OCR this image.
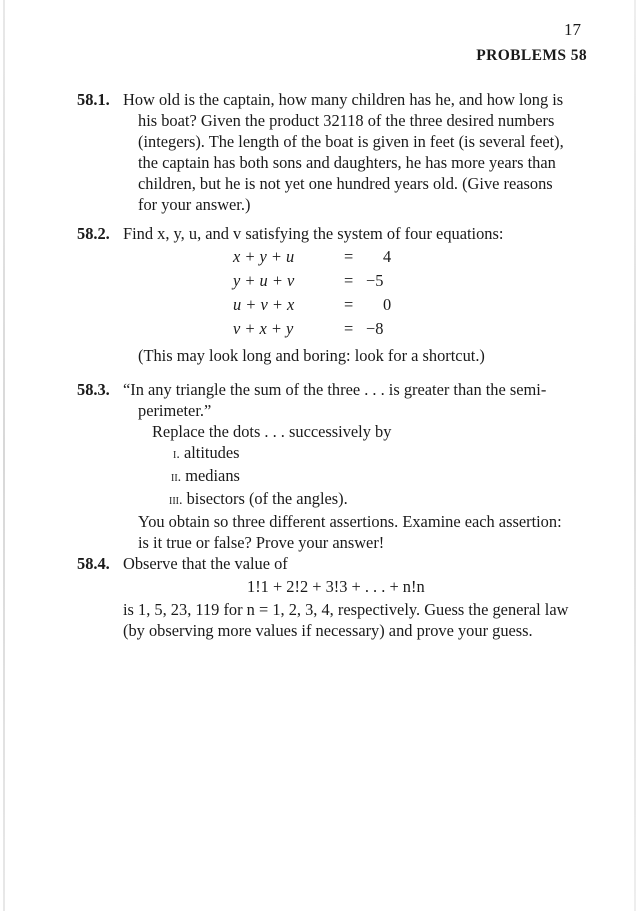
17
PROBLEMS 58
58.1. How old is the captain, how many children has he, and how long is
his boat? Given the product 32118 of the three desired numbers
(integers). The length of the boat is given in feet (is several feet),
the captain has both sons and daughters, he has more years than
children, but he is not yet one hundred years old. (Give reasons
for your answer.)
58.2. Find x, y, u, and v satisfying the system of four equations:
x + y + u	= 4
y + u + v	= −5
u + v + x	= 0
v + x + y	= −8
(This may look long and boring: look for a shortcut.)
58.3. “In any triangle the sum of the three . . . is greater than the semi-
perimeter.”
Replace the dots . . . successively by
i. altitudes
ii. medians
iii. bisectors (of the angles).
You obtain so three different assertions. Examine each assertion:
is it true or false? Prove your answer!
58.4. Observe that the value of
1!1 + 2!2 + 3!3 + . . . + n!n
is 1, 5, 23, 119 for n = 1, 2, 3, 4, respectively. Guess the general law
(by observing more values if necessary) and prove your guess.
